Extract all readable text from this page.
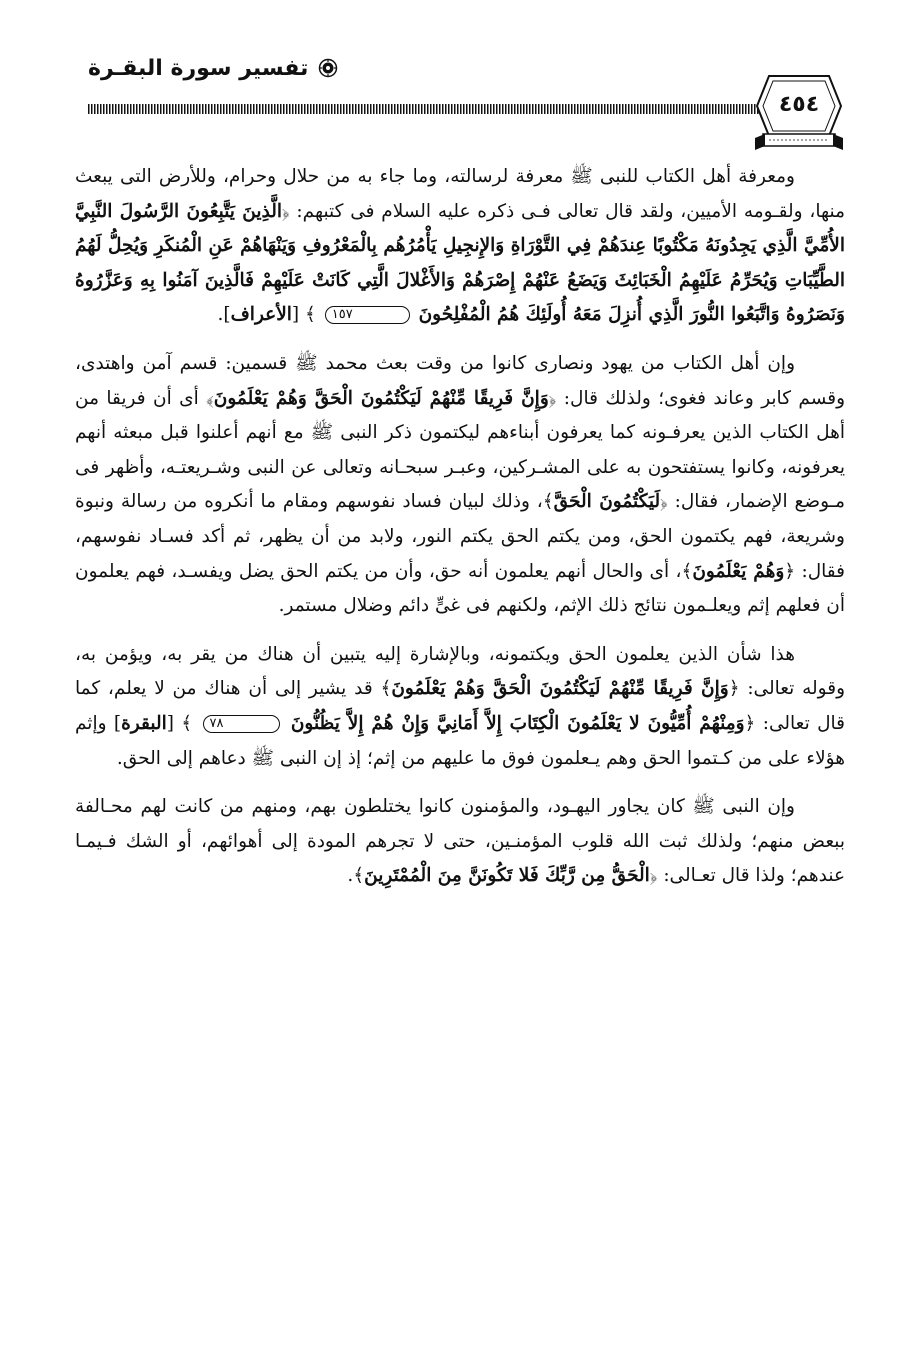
تفسير سورة البقـرة
٤٥٤

ومعرفة أهل الكتاب للنبى ﷺ معرفة لرسالته، وما جاء به من حلال وحرام، وللأرض التى يبعث منها، ولقـومه الأميين، ولقد قال تعالى فـى ذكره عليه السلام فى كتبهم: ﴿الَّذِينَ يَتَّبِعُونَ الرَّسُولَ النَّبِيَّ الأُمِّيَّ الَّذِي يَجِدُونَهُ مَكْتُوبًا عِندَهُمْ فِي التَّوْرَاةِ وَالإِنجِيلِ يَأْمُرُهُم بِالْمَعْرُوفِ وَيَنْهَاهُمْ عَنِ الْمُنكَرِ وَيُحِلُّ لَهُمُ الطَّيِّبَاتِ وَيُحَرِّمُ عَلَيْهِمُ الْخَبَائِثَ وَيَضَعُ عَنْهُمْ إِصْرَهُمْ وَالأَغْلالَ الَّتِي كَانَتْ عَلَيْهِمْ فَالَّذِينَ آمَنُوا بِهِ وَعَزَّرُوهُ وَنَصَرُوهُ وَاتَّبَعُوا النُّورَ الَّذِي أُنزِلَ مَعَهُ أُولَئِكَ هُمُ الْمُفْلِحُونَ ١٥٧ ﴾ [الأعراف].

وإن أهل الكتاب من يهود ونصارى كانوا من وقت بعث محمد ﷺ قسمين: قسم آمن واهتدى، وقسم كابر وعاند فغوى؛ ولذلك قال: ﴿وَإِنَّ فَرِيقًا مِّنْهُمْ لَيَكْتُمُونَ الْحَقَّ وَهُمْ يَعْلَمُونَ﴾ أى أن فريقا من أهل الكتاب الذين يعرفـونه كما يعرفون أبناءهم ليكتمون ذكر النبى ﷺ مع أنهم أعلنوا قبل مبعثه أنهم يعرفونه، وكانوا يستفتحون به على المشـركين، وعبـر سبحـانه وتعالى عن النبى وشـريعتـه، وأظهر فى مـوضع الإضمار، فقال: ﴿لَيَكْتُمُونَ الْحَقَّ﴾، وذلك لبيان فساد نفوسهم ومقام ما أنكروه من رسالة ونبوة وشريعة، فهم يكتمون الحق، ومن يكتم الحق يكتم النور، ولابد من أن يظهر، ثم أكد فسـاد نفوسهم، فقال: ﴿وَهُمْ يَعْلَمُونَ﴾، أى والحال أنهم يعلمون أنه حق، وأن من يكتم الحق يضل ويفسـد، فهم يعلمون أن فعلهم إثم ويعلـمون نتائج ذلك الإثم، ولكنهم فى غىٍّ دائم وضلال مستمر.

هذا شأن الذين يعلمون الحق ويكتمونه، وبالإشارة إليه يتبين أن هناك من يقر به، ويؤمن به، وقوله تعالى: ﴿وَإِنَّ فَرِيقًا مِّنْهُمْ لَيَكْتُمُونَ الْحَقَّ وَهُمْ يَعْلَمُونَ﴾ قد يشير إلى أن هناك من لا يعلم، كما قال تعالى: ﴿وَمِنْهُمْ أُمِّيُّونَ لا يَعْلَمُونَ الْكِتَابَ إِلاَّ أَمَانِيَّ وَإِنْ هُمْ إِلاَّ يَظُنُّونَ ٧٨ ﴾ [البقرة] وإثم هؤلاء على من كـتموا الحق وهم يـعلمون فوق ما عليهم من إثم؛ إذ إن النبى ﷺ دعاهم إلى الحق.

وإن النبى ﷺ كان يجاور اليهـود، والمؤمنون كانوا يختلطون بهم، ومنهم من كانت لهم محـالفة ببعض منهم؛ ولذلك ثبت الله قلوب المؤمنـين، حتى لا تجرهم المودة إلى أهوائهم، أو الشك فـيمـا عندهم؛ ولذا قال تعـالى: ﴿الْحَقُّ مِن رَّبِّكَ فَلا تَكُونَنَّ مِنَ الْمُمْتَرِينَ﴾.
